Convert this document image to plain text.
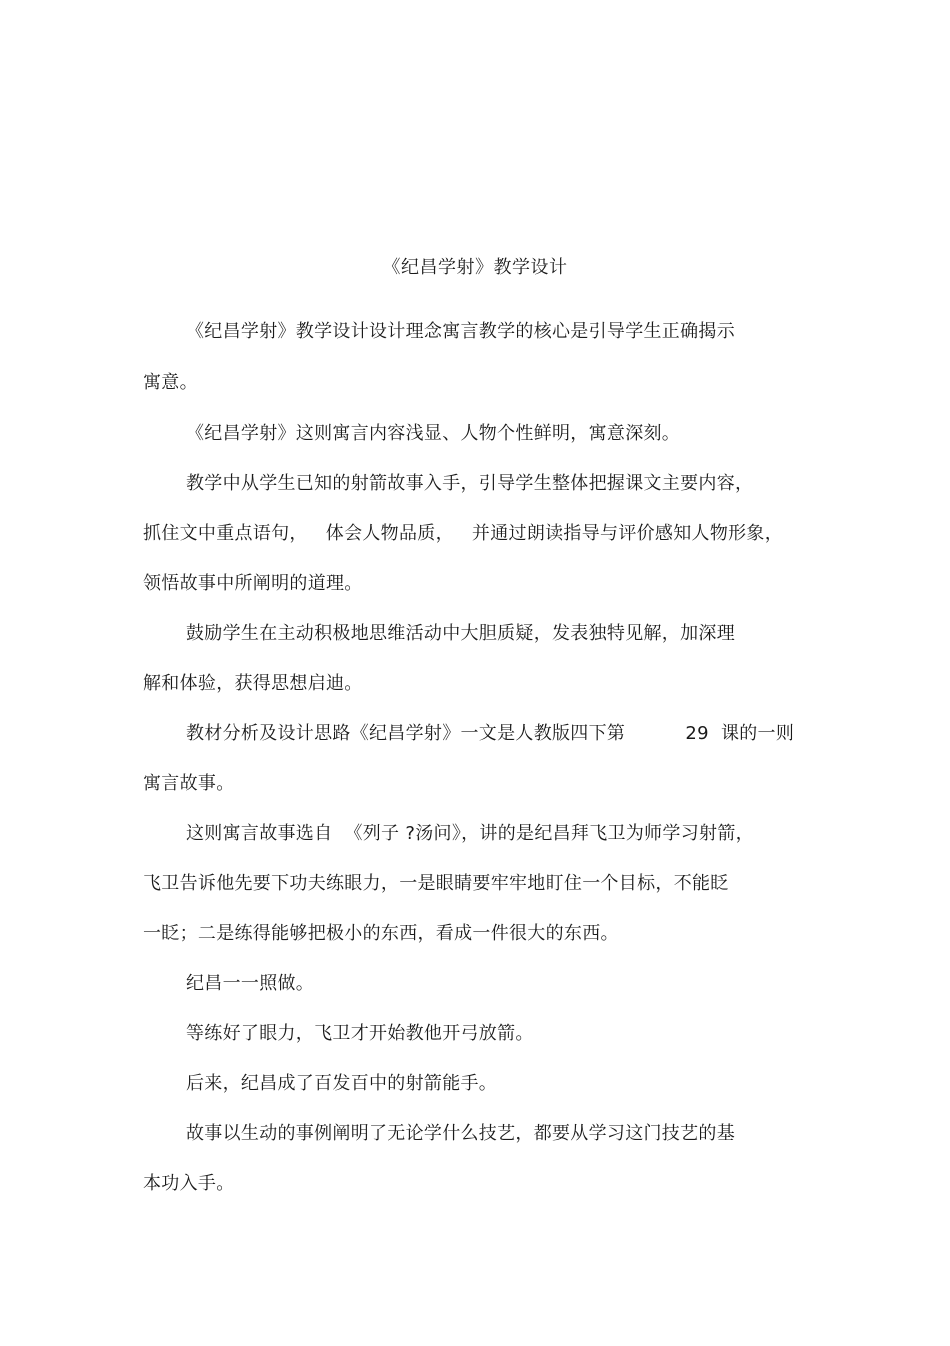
《纪昌学射》教学设计
《纪昌学射》教学设计设计理念寓言教学的核心是引导学生正确揭示
寓意。
《纪昌学射》这则寓言内容浅显、人物个性鲜明，寓意深刻。
教学中从学生已知的射箭故事入手，引导学生整体把握课文主要内容，
抓住文中重点语句，   体会人物品质，   并通过朗读指导与评价感知人物形象，
领悟故事中所阐明的道理。
鼓励学生在主动积极地思维活动中大胆质疑，发表独特见解，加深理
解和体验，获得思想启迪。
教材分析及设计思路《纪昌学射》一文是人教版四下第          29  课的一则
寓言故事。
这则寓言故事选自  《列子 ?汤问》，讲的是纪昌拜飞卫为师学习射箭，
飞卫告诉他先要下功夫练眼力，一是眼睛要牢牢地盯住一个目标，不能眨
一眨；二是练得能够把极小的东西，看成一件很大的东西。
纪昌一一照做。
等练好了眼力，飞卫才开始教他开弓放箭。
后来，纪昌成了百发百中的射箭能手。
故事以生动的事例阐明了无论学什么技艺，都要从学习这门技艺的基
本功入手。
